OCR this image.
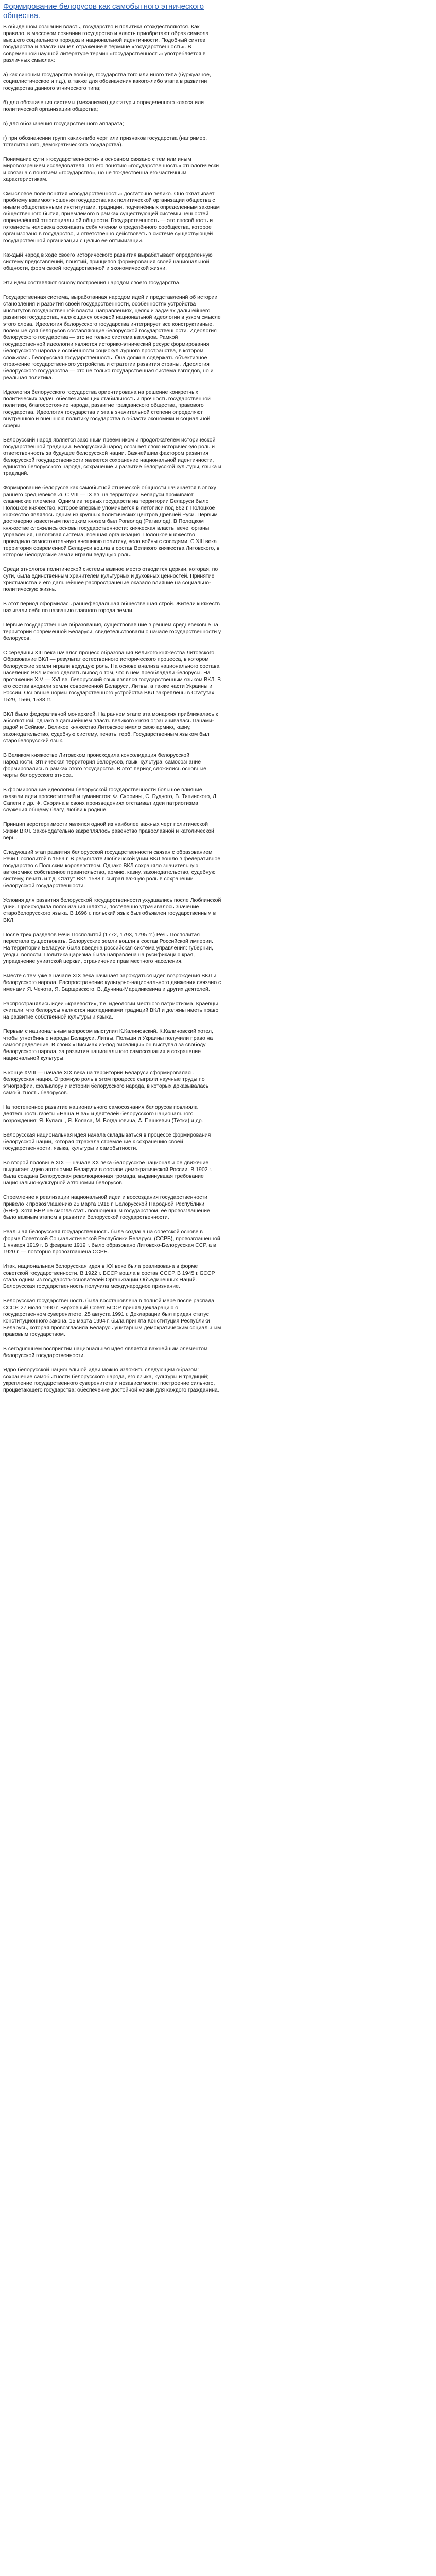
Формирование белорусов как самобытного этнического общества.

В обыденном сознании власть, государство и политика отождествляются. Как правило, в массовом сознании государство и власть приобретают образ символа высшего социального порядка и национальной идентичности. Подобный синтез государства и власти нашёл отражение в термине «государственность». В современной научной литературе термин «государственность» употребляется в различных смыслах:

а) как синоним государства вообще, государства того или иного типа (буржуазное, социалистическое и т.д.), а также для обозначения какого-либо этапа в развитии государства данного этнического типа;

б) для обозначения системы (механизма) диктатуры определённого класса или политической организации общества;

в) для обозначения государственного аппарата;

г) при обозначении групп каких-либо черт или признаков государства (например, тоталитарного, демократического государства).

Понимание сути «государственности» в основном связано с тем или иным мировоззрением исследователя. По его понятию «государственность» этнологически и связана с понятием «государство», но не тождественна его частичным характеристикам.

Смысловое поле понятия «государственность» достаточно велико. Оно охватывает проблему взаимоотношения государства как политической организации общества с иными общественными институтами, традиции, подчинённых определённым законам общественного бытия, приемлемого в рамках существующей системы ценностей определённой этносоциальной общности. Государственность — это способность и готовность человека осознавать себя членом определённого сообщества, которое организовано в государство, и ответственно действовать в системе существующей государственной организации с целью её оптимизации.

Каждый народ в ходе своего исторического развития вырабатывает определённую систему представлений, понятий, принципов формирования своей национальной общности, форм своей государственной и экономической жизни.

Эти идеи составляют основу построения народом своего государства.

Государственная система, выработанная народом идей и представлений об истории становления и развития своей государственности, особенностях устройства институтов государственной власти, направлениях, целях и задачах дальнейшего развития государства, являющаяся основой национальной идеологии в узком смысле этого слова. Идеология белорусского государства интегрирует все конструктивные, полезные для белорусов составляющие белорусской государственности. Идеология белорусского государства — это не только система взглядов. Рамкой государственной идеологии является историко-этнический ресурс формирования белорусского народа и особенности социокультурного пространства, в котором сложилась белорусская государственность. Она должна содержать объективное отражение государственного устройства и стратегии развития страны. Идеология белорусского государства — это не только государственная система взглядов, но и реальная политика.

Идеология белорусского государства ориентирована на решение конкретных политических задач, обеспечивающих стабильность и прочность государственной политики, благосостояние народа, развитие гражданского общества, правового государства. Идеология государства и эта в значительной степени определяют внутреннюю и внешнюю политику государства в области экономики и социальной сферы.

Белорусский народ является законным преемником и продолжателем исторической государственной традиции. Белорусский народ осознаёт свою историческую роль и ответственность за будущее белорусской нации. Важнейшим фактором развития белорусской государственности является сохранение национальной идентичности, единство белорусского народа, сохранение и развитие белорусской культуры, языка и традиций.

Формирование белорусов как самобытной этнической общности начинается в эпоху раннего средневековья. С VIII — IX вв. на территории Беларуси проживают славянские племена. Одним из первых государств на территории Беларуси было Полоцкое княжество, которое впервые упоминается в летописи под 862 г. Полоцкое княжество являлось одним из крупных политических центров Древней Руси. Первым достоверно известным полоцким князем был Рогволод (Рагвалод). В Полоцком княжестве сложились основы государственности: княжеская власть, вече, органы управления, налоговая система, военная организация. Полоцкое княжество проводило самостоятельную внешнюю политику, вело войны с соседями. С XIII века территория современной Беларуси вошла в состав Великого княжества Литовского, в котором белорусские земли играли ведущую роль.

Среди этнологов политической системы важное место отводится церкви, которая, по сути, была единственным хранителем культурных и духовных ценностей. Принятие христианства и его дальнейшее распространение оказало влияние на социально-политическую жизнь.

В этот период оформилась раннефеодальная общественная строй. Жители княжеств называли себя по названию главного города земли.

Первые государственные образования, существовавшие в раннем средневековье на территории современной Беларуси, свидетельствовали о начале государственности у белорусов.

С середины XIII века начался процесс образования Великого княжества Литовского. Образование ВКЛ — результат естественного исторического процесса, в котором белорусские земли играли ведущую роль. На основе анализа национального состава населения ВКЛ можно сделать вывод о том, что в нём преобладали белорусы. На протяжении XIV — XVI вв. белорусский язык являлся государственным языком ВКЛ. В его состав входили земли современной Беларуси, Литвы, а также части Украины и России. Основные нормы государственного устройства ВКЛ закреплены в Статутах 1529, 1566, 1588 гг.

ВКЛ было федеративной монархией. На раннем этапе эта монархия приближалась к абсолютной, однако в дальнейшем власть великого князя ограничивалась Панами-радой и Сеймом. Великое княжество Литовское имело свою армию, казну, законодательство, судебную систему, печать, герб. Государственным языком был старобелорусский язык.

В Великом княжестве Литовском происходила консолидация белорусской народности. Этническая территория белорусов, язык, культура, самосознание формировались в рамках этого государства. В этот период сложились основные черты белорусского этноса.

В формирование идеологии белорусской государственности большое влияние оказали идеи просветителей и гуманистов: Ф. Скорины, С. Будного, В. Тяпинского, Л. Сапеги и др. Ф. Скорина в своих произведениях отстаивал идеи патриотизма, служения общему благу, любви к родине.

Принцип веротерпимости являлся одной из наиболее важных черт политической жизни ВКЛ. Законодательно закреплялось равенство православной и католической веры.

Следующий этап развития белорусской государственности связан с образованием Речи Посполитой в 1569 г. В результате Люблинской унии ВКЛ вошло в федеративное государство с Польским королевством. Однако ВКЛ сохраняло значительную автономию: собственное правительство, армию, казну, законодательство, судебную систему, печать и т.д. Статут ВКЛ 1588 г. сыграл важную роль в сохранении белорусской государственности.

Условия для развития белорусской государственности ухудшались после Люблинской унии. Происходила полонизация шляхты, постепенно утрачивалось значение старобелорусского языка. В 1696 г. польский язык был объявлен государственным в ВКЛ.

После трёх разделов Речи Посполитой (1772, 1793, 1795 гг.) Речь Посполитая перестала существовать. Белорусские земли вошли в состав Российской империи. На территории Беларуси была введена российская система управления: губернии, уезды, волости. Политика царизма была направлена на русификацию края, упразднение униатской церкви, ограничение прав местного населения.

Вместе с тем уже в начале XIX века начинает зарождаться идея возрождения ВКЛ и белорусского народа. Распространение культурно-национального движения связано с именами Я. Чечота, Я. Барщевского, В. Дунина-Марцинкевича и других деятелей.

Распространялись идеи «краёвости», т.е. идеологии местного патриотизма. Краёвцы считали, что белорусы являются наследниками традиций ВКЛ и должны иметь право на развитие собственной культуры и языка.

Первым с национальным вопросом выступил К.Калиновский. К.Калиновский хотел, чтобы угнетённые народы Беларуси, Литвы, Польши и Украины получили право на самоопределение. В своих «Письмах из-под виселицы» он выступал за свободу белорусского народа, за развитие национального самосознания и сохранение национальной культуры.

В конце XVIII — начале XIX века на территории Беларуси сформировалась белорусская нация. Огромную роль в этом процессе сыграли научные труды по этнографии, фольклору и истории белорусского народа, в которых доказывалась самобытность белорусов.

На постепенное развитие национального самосознания белорусов повлияла деятельность газеты «Наша Ніва» и деятелей белорусского национального возрождения: Я. Купалы, Я. Коласа, М. Богдановича, А. Пашкевич (Тётки) и др.

Белорусская национальная идея начала складываться в процессе формирования белорусской нации, которая отражала стремление к сохранению своей государственности, языка, культуры и самобытности.

Во второй половине XIX — начале XX века белорусское национальное движение выдвигает идею автономии Беларуси в составе демократической России. В 1902 г. была создана Белорусская революционная громада, выдвинувшая требование национально-культурной автономии белорусов.

Стремление к реализации национальной идеи и воссоздания государственности привело к провозглашению 25 марта 1918 г. Белорусской Народной Республики (БНР). Хотя БНР не смогла стать полноценным государством, её провозглашение было важным этапом в развитии белорусской государственности.

Реальная белорусская государственность была создана на советской основе в форме Советской Социалистической Республики Беларусь (ССРБ), провозглашённой 1 января 1919 г. В феврале 1919 г. было образовано Литовско-Белорусская ССР, а в 1920 г. — повторно провозглашена ССРБ.

Итак, национальная белорусская идея в XX веке была реализована в форме советской государственности. В 1922 г. БССР вошла в состав СССР. В 1945 г. БССР стала одним из государств-основателей Организации Объединённых Наций. Белорусская государственность получила международное признание.

Белорусская государственность была восстановлена в полной мере после распада СССР. 27 июля 1990 г. Верховный Совет БССР принял Декларацию о государственном суверенитете. 25 августа 1991 г. Декларации был придан статус конституционного закона. 15 марта 1994 г. была принята Конституция Республики Беларусь, которая провозгласила Беларусь унитарным демократическим социальным правовым государством.

В сегодняшнем восприятии национальная идея является важнейшим элементом белорусской государственности.

Ядро белорусской национальной идеи можно изложить следующим образом: сохранение самобытности белорусского народа, его языка, культуры и традиций; укрепление государственного суверенитета и независимости; построение сильного, процветающего государства; обеспечение достойной жизни для каждого гражданина.
